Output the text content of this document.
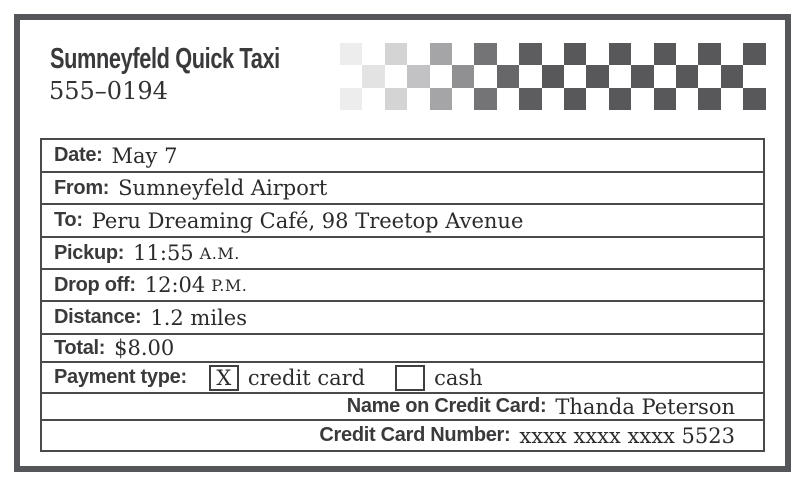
Sumneyfeld Quick Taxi
555–0194
Date: May 7
From: Sumneyfeld Airport
To: Peru Dreaming Café, 98 Treetop Avenue
Pickup: 11:55 A.M.
Drop off: 12:04 P.M.
Distance: 1.2 miles
Total: $8.00
Payment type: X credit card	cash
Name on Credit Card: Thanda Peterson
Credit Card Number: xxxx xxxx xxxx 5523
